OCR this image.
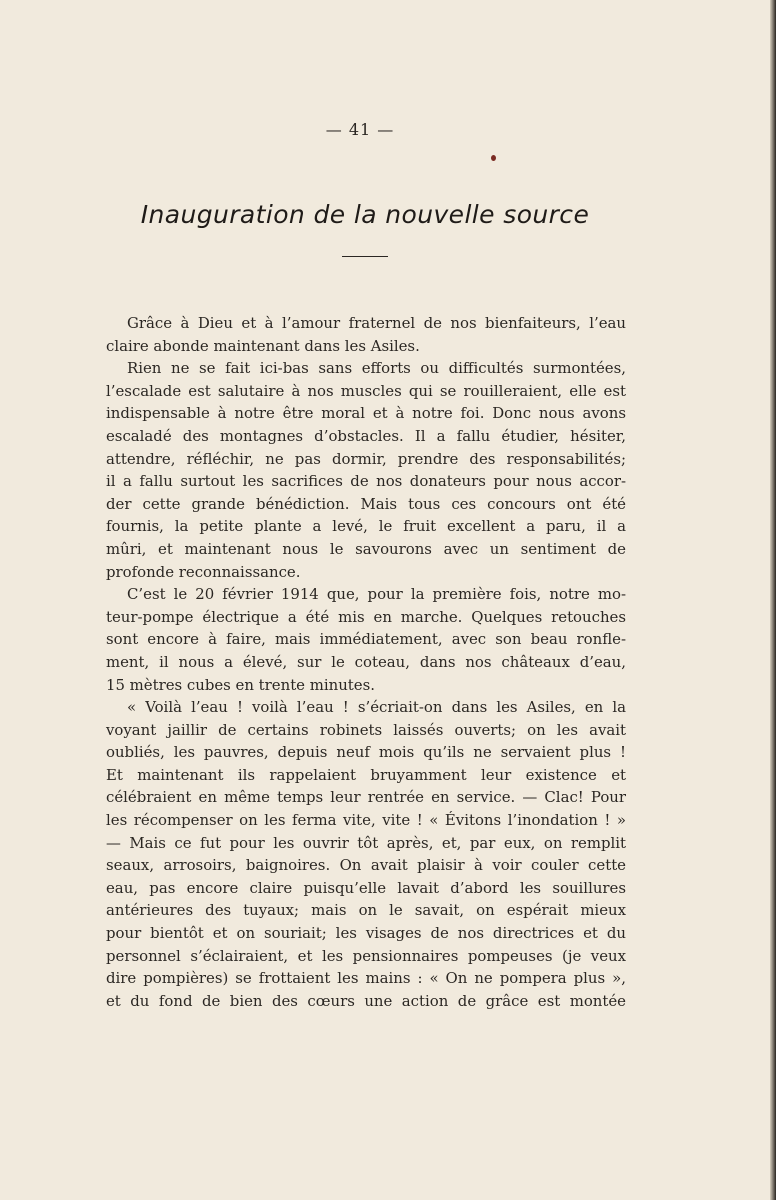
— 41 —
Inauguration de la nouvelle source

Grâce à Dieu et à l’amour fraternel de nos bienfaiteurs, l’eau

claire abonde maintenant dans les Asiles.

Rien ne se fait ici-bas sans efforts ou difficultés surmontées,

l’escalade est salutaire à nos muscles qui se rouilleraient, elle est

indispensable à notre être moral et à notre foi. Donc nous avons

escaladé des montagnes d’obstacles. Il a fallu étudier, hésiter,

attendre, réfléchir, ne pas dormir, prendre des responsabilités;

il a fallu surtout les sacrifices de nos donateurs pour nous accor-

der cette grande bénédiction. Mais tous ces concours ont été

fournis, la petite plante a levé, le fruit excellent a paru, il a

mûri, et maintenant nous le savourons avec un sentiment de

profonde reconnaissance.

C’est le 20 février 1914 que, pour la première fois, notre mo-

teur-pompe électrique a été mis en marche. Quelques retouches

sont encore à faire, mais immédiatement, avec son beau ronfle-

ment, il nous a élevé, sur le coteau, dans nos châteaux d’eau,

15 mètres cubes en trente minutes.

« Voilà l’eau ! voilà l’eau ! s’écriait-on dans les Asiles, en la

voyant jaillir de certains robinets laissés ouverts; on les avait

oubliés, les pauvres, depuis neuf mois qu’ils ne servaient plus !

Et maintenant ils rappelaient bruyamment leur existence et

célébraient en même temps leur rentrée en service. — Clac! Pour

les récompenser on les ferma vite, vite ! « Évitons l’inondation ! »

— Mais ce fut pour les ouvrir tôt après, et, par eux, on remplit

seaux, arrosoirs, baignoires. On avait plaisir à voir couler cette

eau, pas encore claire puisqu’elle lavait d’abord les souillures

antérieures des tuyaux; mais on le savait, on espérait mieux

pour bientôt et on souriait; les visages de nos directrices et du

personnel s’éclairaient, et les pensionnaires pompeuses (je veux

dire pompières) se frottaient les mains : « On ne pompera plus »,

et du fond de bien des cœurs une action de grâce est montée
